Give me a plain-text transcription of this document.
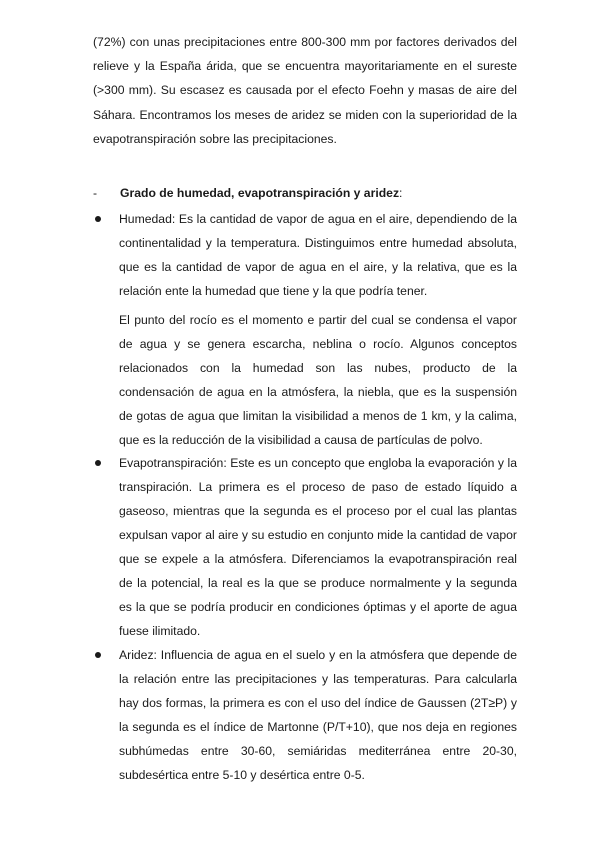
(72%) con unas precipitaciones entre 800-300 mm por factores derivados del relieve y la España árida, que se encuentra mayoritariamente en el sureste (>300 mm). Su escasez es causada por el efecto Foehn y masas de aire del Sáhara. Encontramos los meses de aridez se miden con la superioridad de la evapotranspiración sobre las precipitaciones.

- Grado de humedad, evapotranspiración y aridez:

Humedad: Es la cantidad de vapor de agua en el aire, dependiendo de la continentalidad y la temperatura. Distinguimos entre humedad absoluta, que es la cantidad de vapor de agua en el aire, y la relativa, que es la relación ente la humedad que tiene y la que podría tener.

El punto del rocío es el momento e partir del cual se condensa el vapor de agua y se genera escarcha, neblina o rocío. Algunos conceptos relacionados con la humedad son las nubes, producto de la condensación de agua en la atmósfera, la niebla, que es la suspensión de gotas de agua que limitan la visibilidad a menos de 1 km, y la calima, que es la reducción de la visibilidad a causa de partículas de polvo.

Evapotranspiración: Este es un concepto que engloba la evaporación y la transpiración. La primera es el proceso de paso de estado líquido a gaseoso, mientras que la segunda es el proceso por el cual las plantas expulsan vapor al aire y su estudio en conjunto mide la cantidad de vapor que se expele a la atmósfera. Diferenciamos la evapotranspiración real de la potencial, la real es la que se produce normalmente y la segunda es la que se podría producir en condiciones óptimas y el aporte de agua fuese ilimitado.

Aridez: Influencia de agua en el suelo y en la atmósfera que depende de la relación entre las precipitaciones y las temperaturas. Para calcularla hay dos formas, la primera es con el uso del índice de Gaussen (2T≥P) y la segunda es el índice de Martonne (P/T+10), que nos deja en regiones subhúmedas entre 30-60, semiáridas mediterránea entre 20-30, subdesértica entre 5-10 y desértica entre 0-5.
